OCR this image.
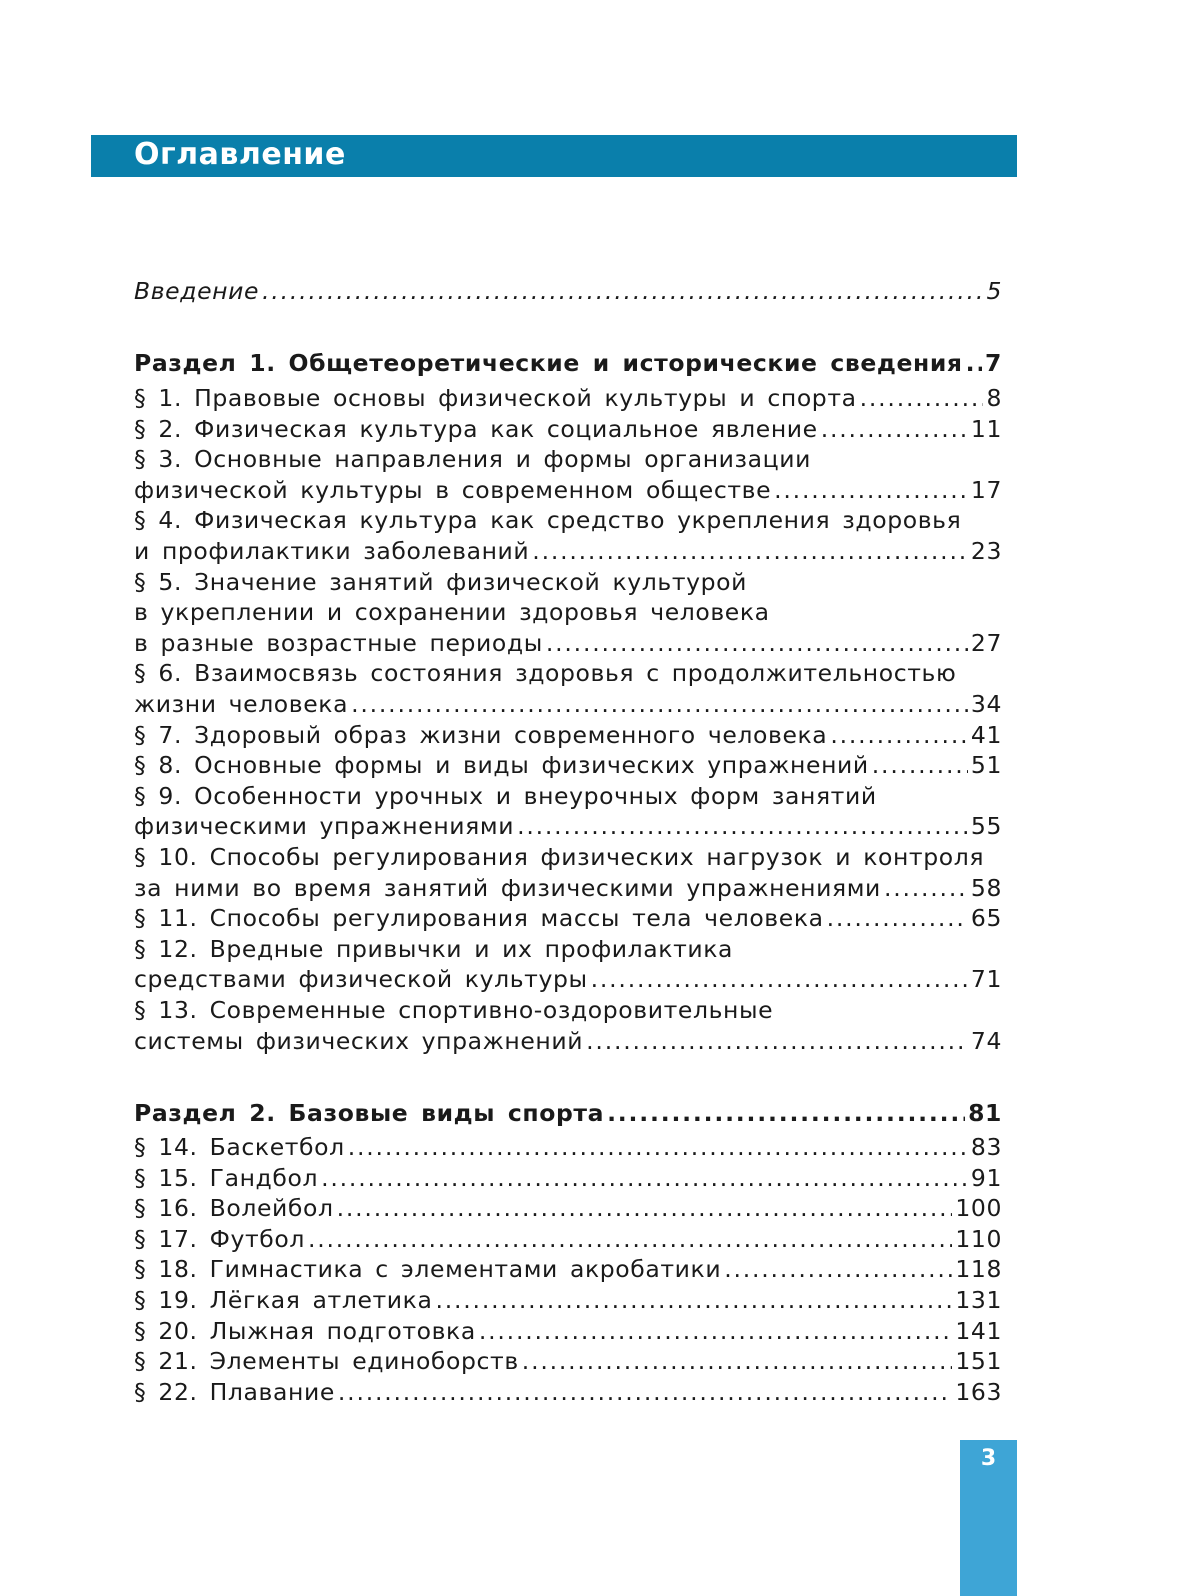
Оглавление
Введение .....	5
Раздел 1. Общетеоретические и исторические сведения ..... 7
§ 1. Правовые основы физической культуры и спорта .....	8
§ 2. Физическая культура как социальное явление .....	11
§ 3. Основные направления и формы организации
физической культуры в современном обществе .....	17
§ 4. Физическая культура как средство укрепления здоровья
и профилактики заболеваний .....	23
§ 5. Значение занятий физической культурой
в укреплении и сохранении здоровья человека
в разные возрастные периоды .....	27
§ 6. Взаимосвязь состояния здоровья с продолжительностью
жизни человека .....	34
§ 7. Здоровый образ жизни современного человека .....	41
§ 8. Основные формы и виды физических упражнений .....	51
§ 9. Особенности урочных и внеурочных форм занятий
физическими упражнениями .....	55
§ 10. Способы регулирования физических нагрузок и контроля
за ними во время занятий физическими упражнениями .....	58
§ 11. Способы регулирования массы тела человека .....	65
§ 12. Вредные привычки и их профилактика
средствами физической культуры .....	71
§ 13. Современные спортивно-оздоровительные
системы физических упражнений .....	74
Раздел 2. Базовые виды спорта .....	81
§ 14. Баскетбол .....	83
§ 15. Гандбол .....	91
§ 16. Волейбол .....	100
§ 17. Футбол .....	110
§ 18. Гимнастика с элементами акробатики .....	118
§ 19. Лёгкая атлетика .....	131
§ 20. Лыжная подготовка .....	141
§ 21. Элементы единоборств .....	151
§ 22. Плавание .....	163
3
